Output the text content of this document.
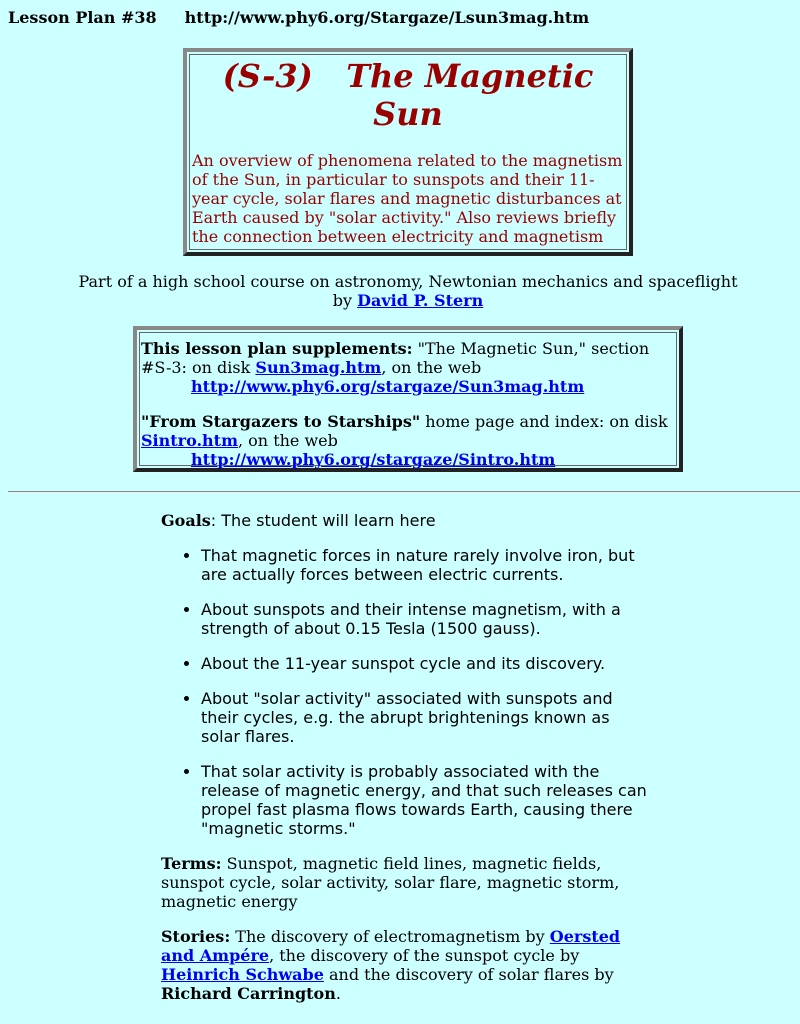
Lesson Plan #38 http://www.phy6.org/Stargaze/Lsun3mag.htm
(S-3)   The Magnetic
Sun

An overview of phenomena related to the magnetism of the Sun, in particular to sunspots and their 11-year cycle, solar flares and magnetic disturbances at Earth caused by "solar activity." Also reviews briefly the connection between electricity and magnetism

Part of a high school course on astronomy, Newtonian mechanics and spaceflight
by David P. Stern

This lesson plan supplements: "The Magnetic Sun," section #S-3: on disk Sun3mag.htm, on the web
http://www.phy6.org/stargaze/Sun3mag.htm

"From Stargazers to Starships" home page and index: on disk Sintro.htm, on the web
http://www.phy6.org/stargaze/Sintro.htm

Goals: The student will learn here

• That magnetic forces in nature rarely involve iron, but are actually forces between electric currents.
• About sunspots and their intense magnetism, with a strength of about 0.15 Tesla (1500 gauss).
• About the 11-year sunspot cycle and its discovery.
• About "solar activity" associated with sunspots and their cycles, e.g. the abrupt brightenings known as solar flares.
• That solar activity is probably associated with the release of magnetic energy, and that such releases can propel fast plasma flows towards Earth, causing there "magnetic storms."

Terms: Sunspot, magnetic field lines, magnetic fields, sunspot cycle, solar activity, solar flare, magnetic storm, magnetic energy

Stories: The discovery of electromagnetism by Oersted and Ampére, the discovery of the sunspot cycle by Heinrich Schwabe and the discovery of solar flares by Richard Carrington.
